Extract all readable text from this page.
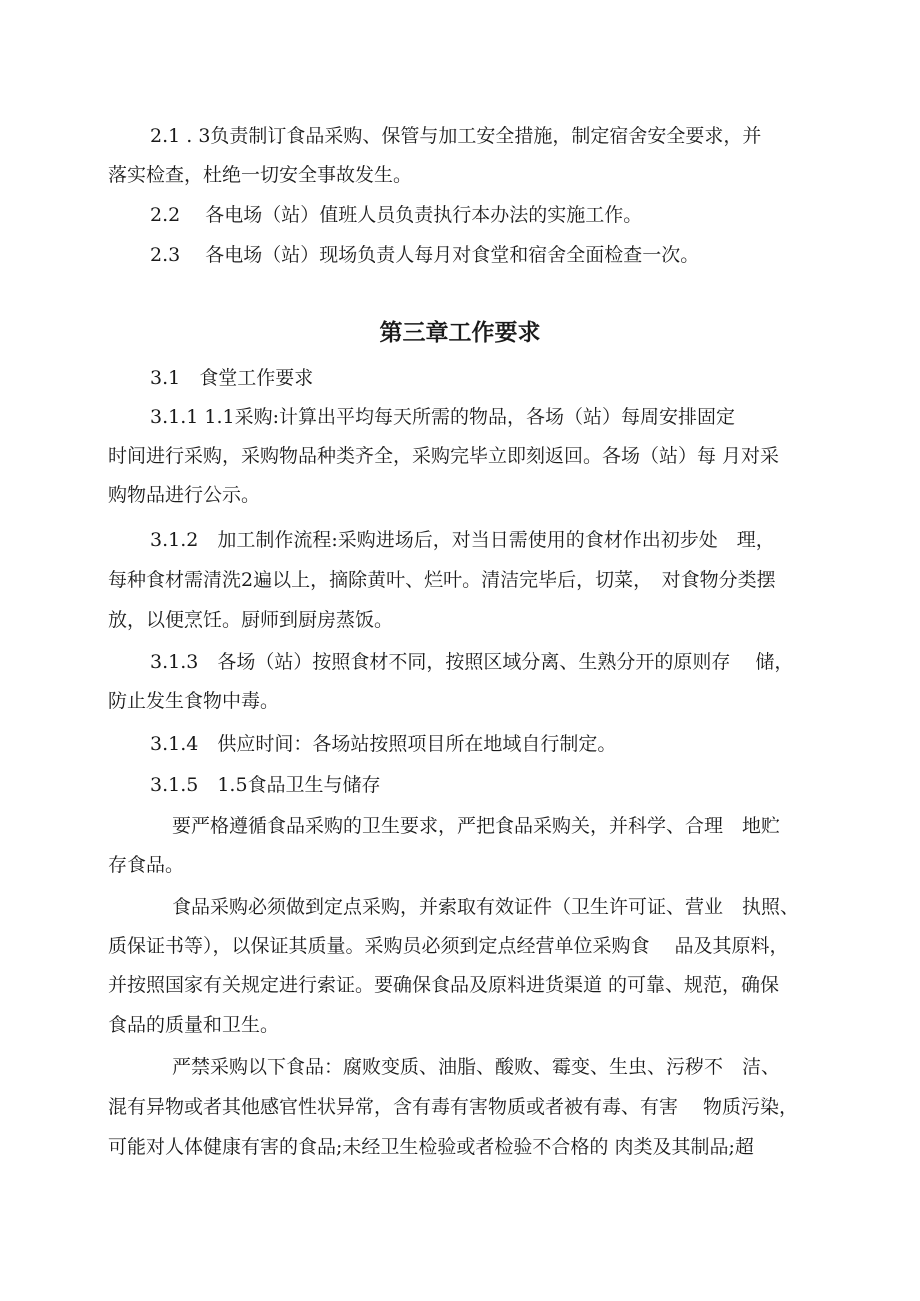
2.1 . 3负责制订食品采购、保管与加工安全措施，制定宿舍安全要求，并
落实检查，杜绝一切安全事故发生。
2.2　 各电场（站）值班人员负责执行本办法的实施工作。
2.3　 各电场（站）现场负责人每月对食堂和宿舍全面检查一次。
第三章工作要求
3.1　食堂工作要求
3.1.1 1.1采购:计算出平均每天所需的物品，各场（站）每周安排固定
时间进行采购，采购物品种类齐全，采购完毕立即刻返回。各场（站）每 月对采
购物品进行公示。
3.1.2　加工制作流程:采购进场后，对当日需使用的食材作出初步处　理，
每种食材需清洗2遍以上，摘除黄叶、烂叶。清洁完毕后，切菜，　对食物分类摆
放，以便烹饪。厨师到厨房蒸饭。
3.1.3　各场（站）按照食材不同，按照区域分离、生熟分开的原则存　 储，
防止发生食物中毒。
3.1.4　供应时间：各场站按照项目所在地域自行制定。
3.1.5　1.5食品卫生与储存
要严格遵循食品采购的卫生要求，严把食品采购关，并科学、合理　地贮
存食品。
食品采购必须做到定点采购，并索取有效证件（卫生许可证、营业　执照、
质保证书等），以保证其质量。采购员必须到定点经营单位采购食　 品及其原料，
并按照国家有关规定进行索证。要确保食品及原料进货渠道 的可靠、规范，确保
食品的质量和卫生。
严禁采购以下食品：腐败变质、油脂、酸败、霉变、生虫、污秽不　洁、
混有异物或者其他感官性状异常，含有毒有害物质或者被有毒、有害　 物质污染，
可能对人体健康有害的食品;未经卫生检验或者检验不合格的 肉类及其制品;超
